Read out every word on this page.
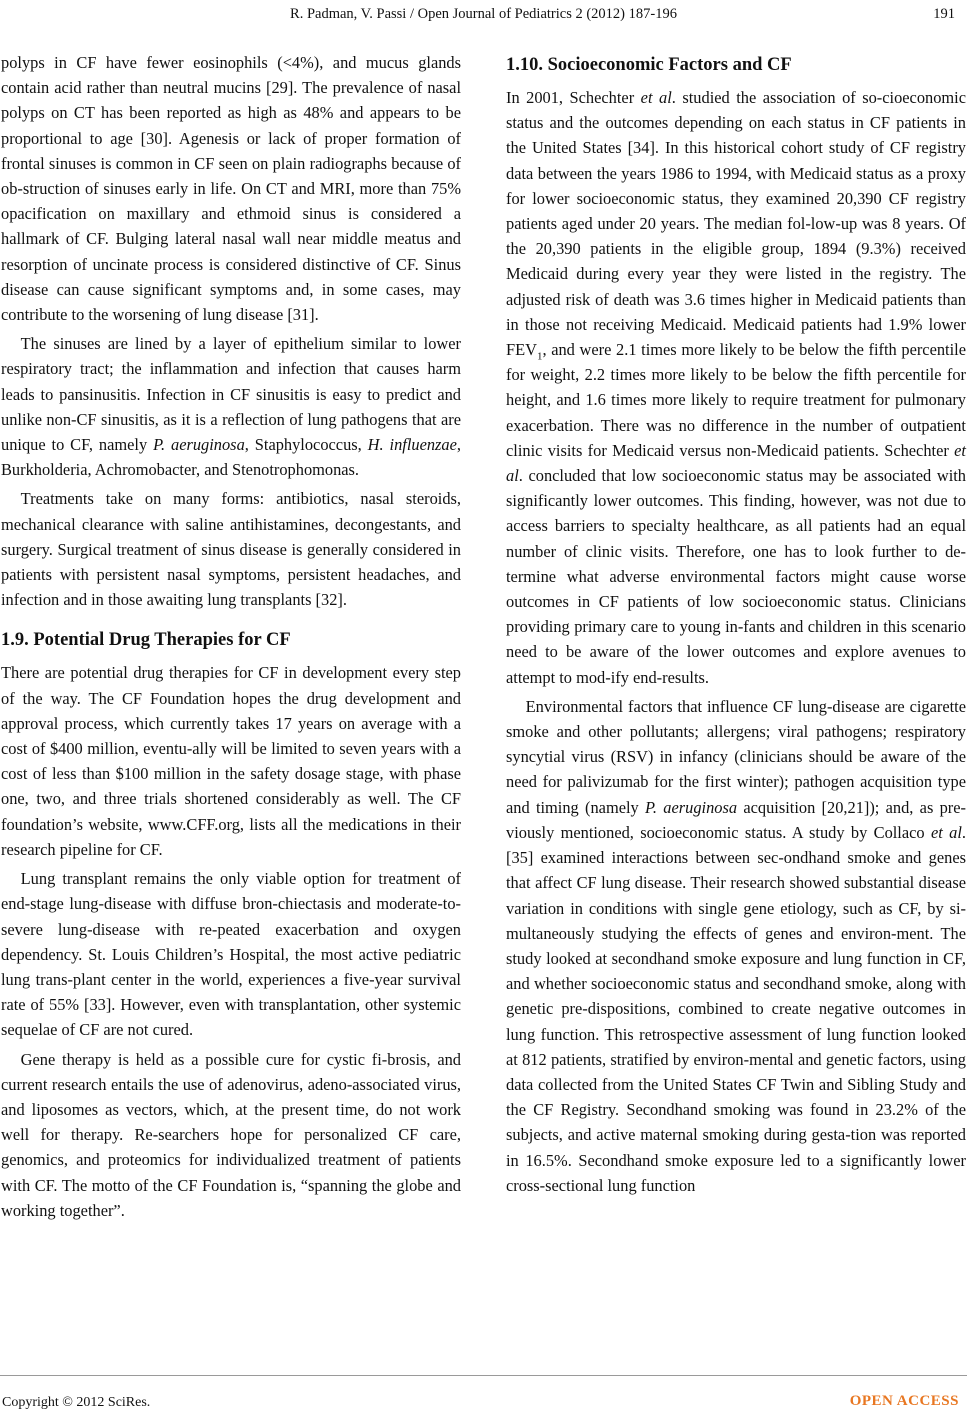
R. Padman, V. Passi / Open Journal of Pediatrics 2 (2012) 187-196	191

polyps in CF have fewer eosinophils (<4%), and mucus glands contain acid rather than neutral mucins [29]. The prevalence of nasal polyps on CT has been reported as high as 48% and appears to be proportional to age [30]. Agenesis or lack of proper formation of frontal sinuses is common in CF seen on plain radiographs because of ob-struction of sinuses early in life. On CT and MRI, more than 75% opacification on maxillary and ethmoid sinus is considered a hallmark of CF. Bulging lateral nasal wall near middle meatus and resorption of uncinate process is considered distinctive of CF. Sinus disease can cause significant symptoms and, in some cases, may contribute to the worsening of lung disease [31].

The sinuses are lined by a layer of epithelium similar to lower respiratory tract; the inflammation and infection that causes harm leads to pansinusitis. Infection in CF sinusitis is easy to predict and unlike non-CF sinusitis, as it is a reflection of lung pathogens that are unique to CF, namely P. aeruginosa, Staphylococcus, H. influenzae, Burkholderia, Achromobacter, and Stenotrophomonas.

Treatments take on many forms: antibiotics, nasal steroids, mechanical clearance with saline antihistamines, decongestants, and surgery. Surgical treatment of sinus disease is generally considered in patients with persistent nasal symptoms, persistent headaches, and infection and in those awaiting lung transplants [32].

1.9. Potential Drug Therapies for CF

There are potential drug therapies for CF in development every step of the way. The CF Foundation hopes the drug development and approval process, which currently takes 17 years on average with a cost of $400 million, eventu-ally will be limited to seven years with a cost of less than $100 million in the safety dosage stage, with phase one, two, and three trials shortened considerably as well. The CF foundation’s website, www.CFF.org, lists all the medications in their research pipeline for CF.

Lung transplant remains the only viable option for treatment of end-stage lung-disease with diffuse bron-chiectasis and moderate-to-severe lung-disease with re-peated exacerbation and oxygen dependency. St. Louis Children’s Hospital, the most active pediatric lung trans-plant center in the world, experiences a five-year survival rate of 55% [33]. However, even with transplantation, other systemic sequelae of CF are not cured.

Gene therapy is held as a possible cure for cystic fi-brosis, and current research entails the use of adenovirus, adeno-associated virus, and liposomes as vectors, which, at the present time, do not work well for therapy. Re-searchers hope for personalized CF care, genomics, and proteomics for individualized treatment of patients with CF. The motto of the CF Foundation is, “spanning the globe and working together”.

1.10. Socioeconomic Factors and CF

In 2001, Schechter et al. studied the association of so-cioeconomic status and the outcomes depending on each status in CF patients in the United States [34]. In this historical cohort study of CF registry data between the years 1986 to 1994, with Medicaid status as a proxy for lower socioeconomic status, they examined 20,390 CF registry patients aged under 20 years. The median fol-low-up was 8 years. Of the 20,390 patients in the eligible group, 1894 (9.3%) received Medicaid during every year they were listed in the registry. The adjusted risk of death was 3.6 times higher in Medicaid patients than in those not receiving Medicaid. Medicaid patients had 1.9% lower $FEV_1$, and were 2.1 times more likely to be below the fifth percentile for weight, 2.2 times more likely to be below the fifth percentile for height, and 1.6 times more likely to require treatment for pulmonary exacerbation. There was no difference in the number of outpatient clinic visits for Medicaid versus non-Medicaid patients. Schechter et al. concluded that low socioeconomic status may be associated with significantly lower outcomes. This finding, however, was not due to access barriers to specialty healthcare, as all patients had an equal number of clinic visits. Therefore, one has to look further to de-termine what adverse environmental factors might cause worse outcomes in CF patients of low socioeconomic status. Clinicians providing primary care to young in-fants and children in this scenario need to be aware of the lower outcomes and explore avenues to attempt to mod-ify end-results.

Environmental factors that influence CF lung-disease are cigarette smoke and other pollutants; allergens; viral pathogens; respiratory syncytial virus (RSV) in infancy (clinicians should be aware of the need for palivizumab for the first winter); pathogen acquisition type and timing (namely P. aeruginosa acquisition [20,21]); and, as pre-viously mentioned, socioeconomic status. A study by Collaco et al. [35] examined interactions between sec-ondhand smoke and genes that affect CF lung disease. Their research showed substantial disease variation in conditions with single gene etiology, such as CF, by si-multaneously studying the effects of genes and environ-ment. The study looked at secondhand smoke exposure and lung function in CF, and whether socioeconomic status and secondhand smoke, along with genetic pre-dispositions, combined to create negative outcomes in lung function. This retrospective assessment of lung function looked at 812 patients, stratified by environ-mental and genetic factors, using data collected from the United States CF Twin and Sibling Study and the CF Registry. Secondhand smoking was found in 23.2% of the subjects, and active maternal smoking during gesta-tion was reported in 16.5%. Secondhand smoke exposure led to a significantly lower cross-sectional lung function

Copyright © 2012 SciRes.	OPEN ACCESS
